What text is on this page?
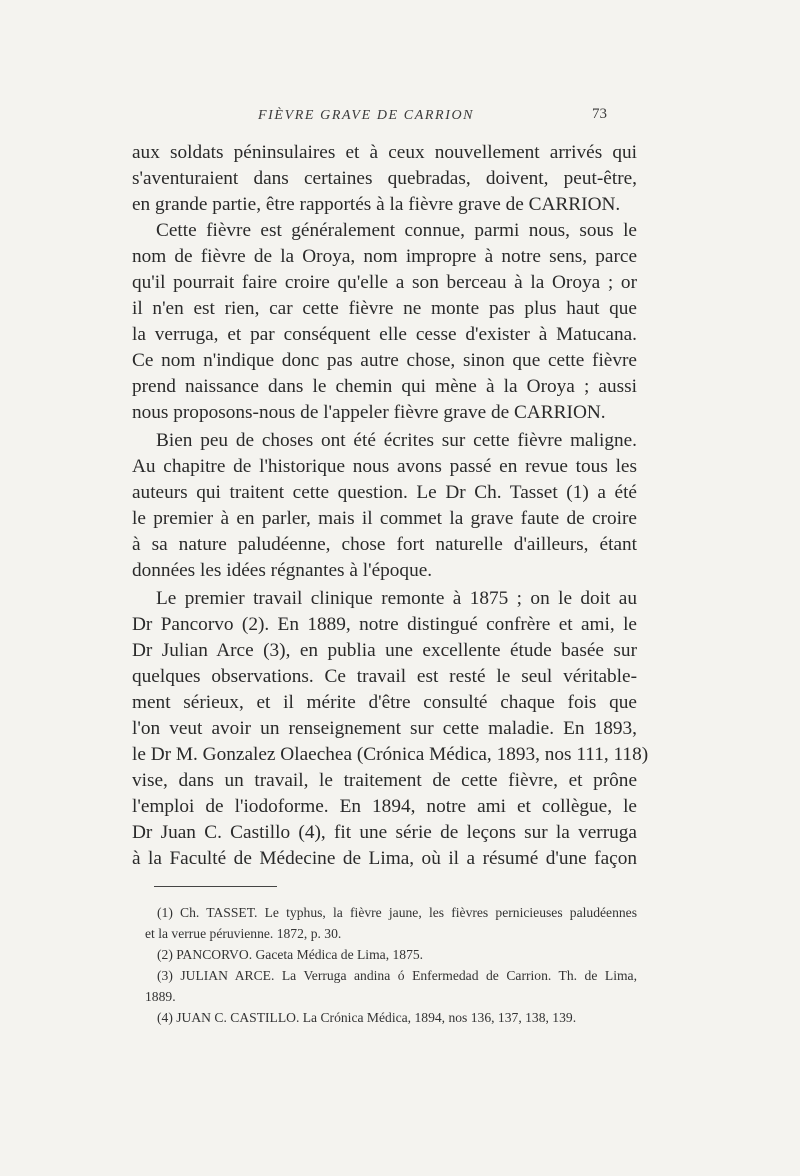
FIÈVRE GRAVE DE CARRION	73
aux soldats péninsulaires et à ceux nouvellement arrivés qui
s'aventuraient dans certaines quebradas, doivent, peut-être,
en grande partie, être rapportés à la fièvre grave de CARRION.
Cette fièvre est généralement connue, parmi nous, sous le
nom de fièvre de la Oroya, nom impropre à notre sens, parce
qu'il pourrait faire croire qu'elle a son berceau à la Oroya ; or
il n'en est rien, car cette fièvre ne monte pas plus haut que
la verruga, et par conséquent elle cesse d'exister à Matucana.
Ce nom n'indique donc pas autre chose, sinon que cette fièvre
prend naissance dans le chemin qui mène à la Oroya ; aussi
nous proposons-nous de l'appeler fièvre grave de CARRION.
Bien peu de choses ont été écrites sur cette fièvre maligne.
Au chapitre de l'historique nous avons passé en revue tous les
auteurs qui traitent cette question. Le Dr Ch. Tasset (1) a été
le premier à en parler, mais il commet la grave faute de croire
à sa nature paludéenne, chose fort naturelle d'ailleurs, étant
données les idées régnantes à l'époque.
Le premier travail clinique remonte à 1875 ; on le doit au
Dr Pancorvo (2). En 1889, notre distingué confrère et ami, le
Dr Julian Arce (3), en publia une excellente étude basée sur
quelques observations. Ce travail est resté le seul véritable-
ment sérieux, et il mérite d'être consulté chaque fois que
l'on veut avoir un renseignement sur cette maladie. En 1893,
le Dr M. Gonzalez Olaechea (Crónica Médica, 1893, nos 111, 118)
vise, dans un travail, le traitement de cette fièvre, et prône
l'emploi de l'iodoforme. En 1894, notre ami et collègue, le
Dr Juan C. Castillo (4), fit une série de leçons sur la verruga
à la Faculté de Médecine de Lima, où il a résumé d'une façon
(1) Ch. TASSET. Le typhus, la fièvre jaune, les fièvres pernicieuses paludéennes
et la verrue péruvienne. 1872, p. 30.
(2) PANCORVO. Gaceta Médica de Lima, 1875.
(3) JULIAN ARCE. La Verruga andina ó Enfermedad de Carrion. Th. de Lima,
1889.
(4) JUAN C. CASTILLO. La Crónica Médica, 1894, nos 136, 137, 138, 139.
